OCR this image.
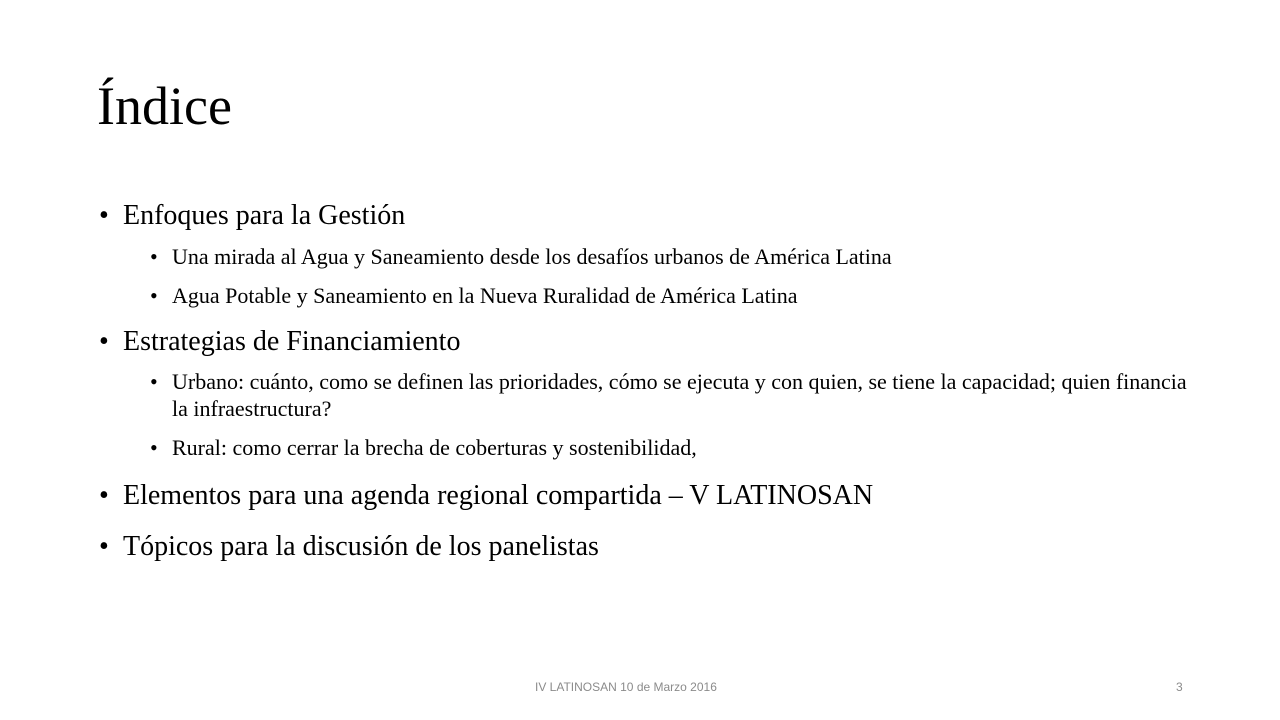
Índice
• Enfoques para la Gestión
• Una mirada al Agua y Saneamiento desde los desafíos urbanos de América Latina
• Agua Potable y Saneamiento en la Nueva Ruralidad de América Latina
• Estrategias de Financiamiento
• Urbano: cuánto, como se definen las prioridades, cómo se ejecuta y con quien, se tiene la capacidad; quien financia la infraestructura?
• Rural: como cerrar la brecha de coberturas y sostenibilidad,
• Elementos para una agenda regional compartida – V LATINOSAN
• Tópicos para la discusión de los panelistas
IV LATINOSAN 10 de Marzo 2016	3
